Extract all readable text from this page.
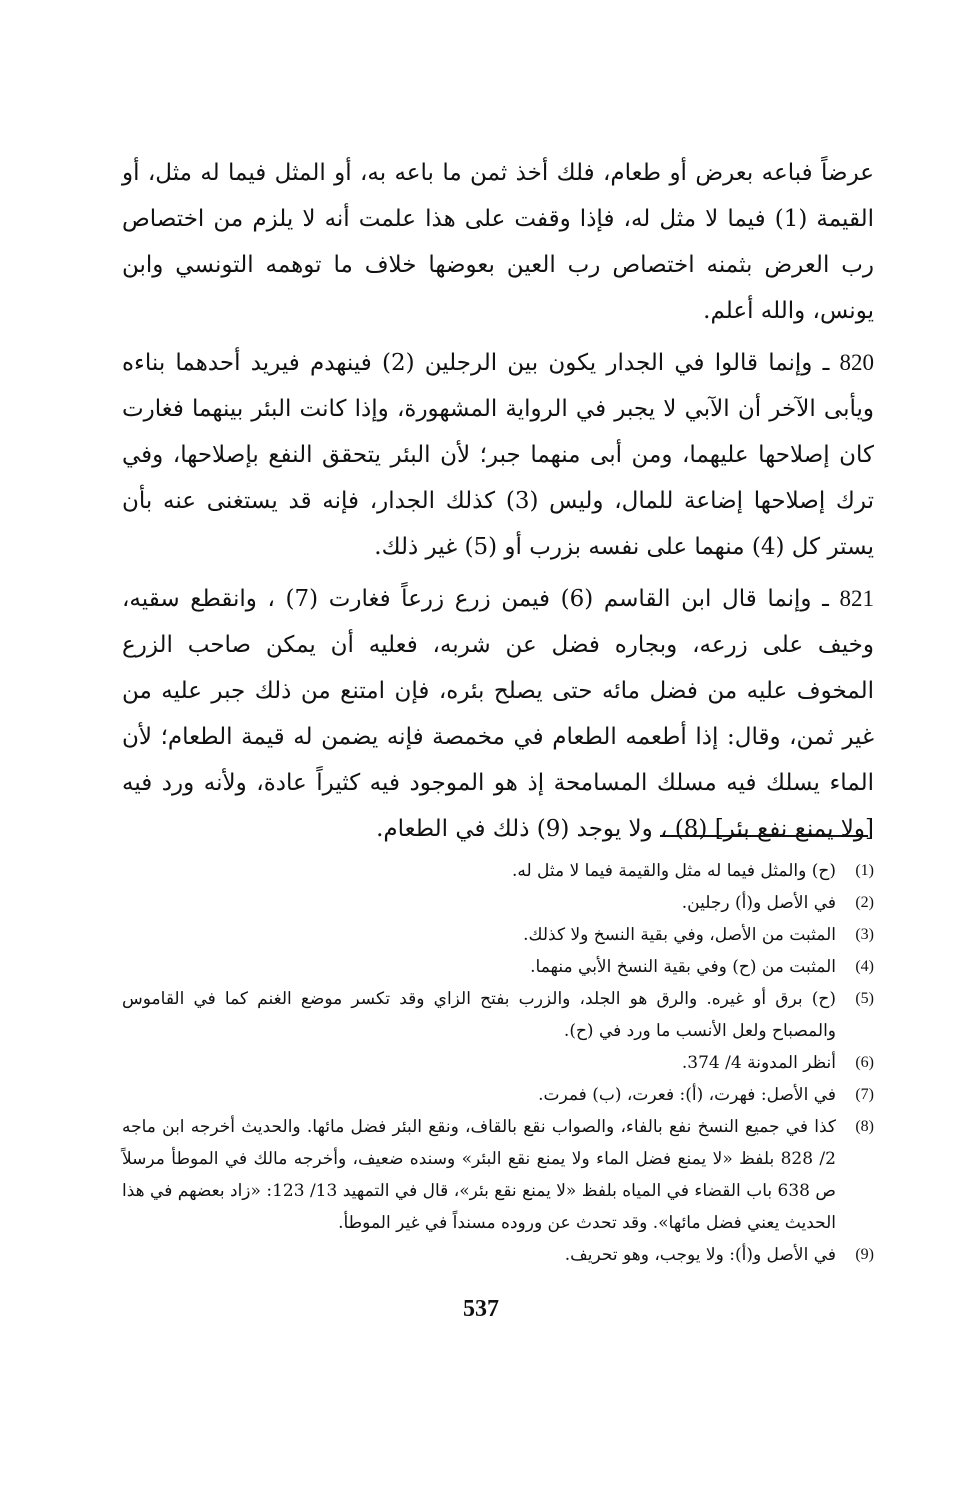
عرضاً فباعه بعرض أو طعام، فلك أخذ ثمن ما باعه به، أو المثل فيما له مثل، أو القيمة (1) فيما لا مثل له، فإذا وقفت على هذا علمت أنه لا يلزم من اختصاص رب العرض بثمنه اختصاص رب العين بعوضها خلاف ما توهمه التونسي وابن يونس، والله أعلم.

820 ـ وإنما قالوا في الجدار يكون بين الرجلين (2) فينهدم فيريد أحدهما بناءه ويأبى الآخر أن الآبي لا يجبر في الرواية المشهورة، وإذا كانت البئر بينهما فغارت كان إصلاحها عليهما، ومن أبى منهما جبر؛ لأن البئر يتحقق النفع بإصلاحها، وفي ترك إصلاحها إضاعة للمال، وليس (3) كذلك الجدار، فإنه قد يستغنى عنه بأن يستر كل (4) منهما على نفسه بزرب أو (5) غير ذلك.

821 ـ وإنما قال ابن القاسم (6) فيمن زرع زرعاً فغارت (7) ، وانقطع سقيه، وخيف على زرعه، وبجاره فضل عن شربه، فعليه أن يمكن صاحب الزرع المخوف عليه من فضل مائه حتى يصلح بئره، فإن امتنع من ذلك جبر عليه من غير ثمن، وقال: إذا أطعمه الطعام في مخمصة فإنه يضمن له قيمة الطعام؛ لأن الماء يسلك فيه مسلك المسامحة إذ هو الموجود فيه كثيراً عادة، ولأنه ورد فيه [ولا يمنع نفع بئر] (8) ، ولا يوجد (9) ذلك في الطعام.

(1)
(ح) والمثل فيما له مثل والقيمة فيما لا مثل له.
(2)
في الأصل و(أ) رجلين.
(3)
المثبت من الأصل، وفي بقية النسخ ولا كذلك.
(4)
المثبت من (ح) وفي بقية النسخ الأبي منهما.
(5)
(ح) برق أو غيره. والرق هو الجلد، والزرب بفتح الزاي وقد تكسر موضع الغنم كما في القاموس والمصباح ولعل الأنسب ما ورد في (ح).
(6)
أنظر المدونة 4/ 374.
(7)
في الأصل: فهرت، (أ): فعرت، (ب) فمرت.
(8)
كذا في جميع النسخ نفع بالفاء، والصواب نقع بالقاف، ونقع البئر فضل مائها. والحديث أخرجه ابن ماجه 2/ 828 بلفظ «لا يمنع فضل الماء ولا يمنع نقع البئر» وسنده ضعيف، وأخرجه مالك في الموطأ مرسلاً ص 638 باب القضاء في المياه بلفظ «لا يمنع نقع بئر»، قال في التمهيد 13/ 123: «زاد بعضهم في هذا الحديث يعني فضل مائها». وقد تحدث عن وروده مسنداً في غير الموطأ.
(9)
في الأصل و(أ): ولا يوجب، وهو تحريف.
537
